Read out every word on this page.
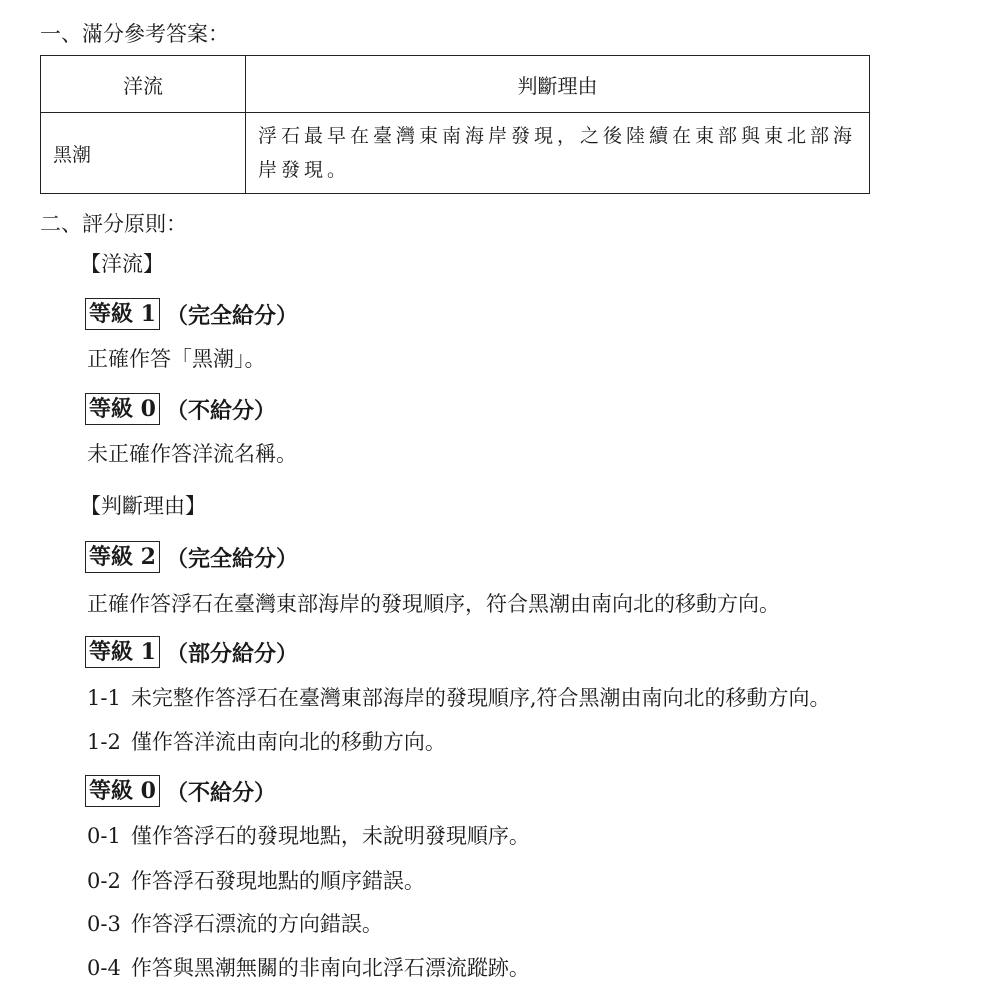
一、滿分參考答案：
洋流	判斷理由
黑潮	浮石最早在臺灣東南海岸發現，之後陸續在東部與東北部海岸發現。
二、評分原則：
【洋流】
等級 1 （完全給分）
正確作答「黑潮」。
等級 0 （不給分）
未正確作答洋流名稱。
【判斷理由】
等級 2 （完全給分）
正確作答浮石在臺灣東部海岸的發現順序，符合黑潮由南向北的移動方向。
等級 1 （部分給分）
1-1 未完整作答浮石在臺灣東部海岸的發現順序,符合黑潮由南向北的移動方向。
1-2 僅作答洋流由南向北的移動方向。
等級 0 （不給分）
0-1 僅作答浮石的發現地點，未說明發現順序。
0-2 作答浮石發現地點的順序錯誤。
0-3 作答浮石漂流的方向錯誤。
0-4 作答與黑潮無關的非南向北浮石漂流蹤跡。
